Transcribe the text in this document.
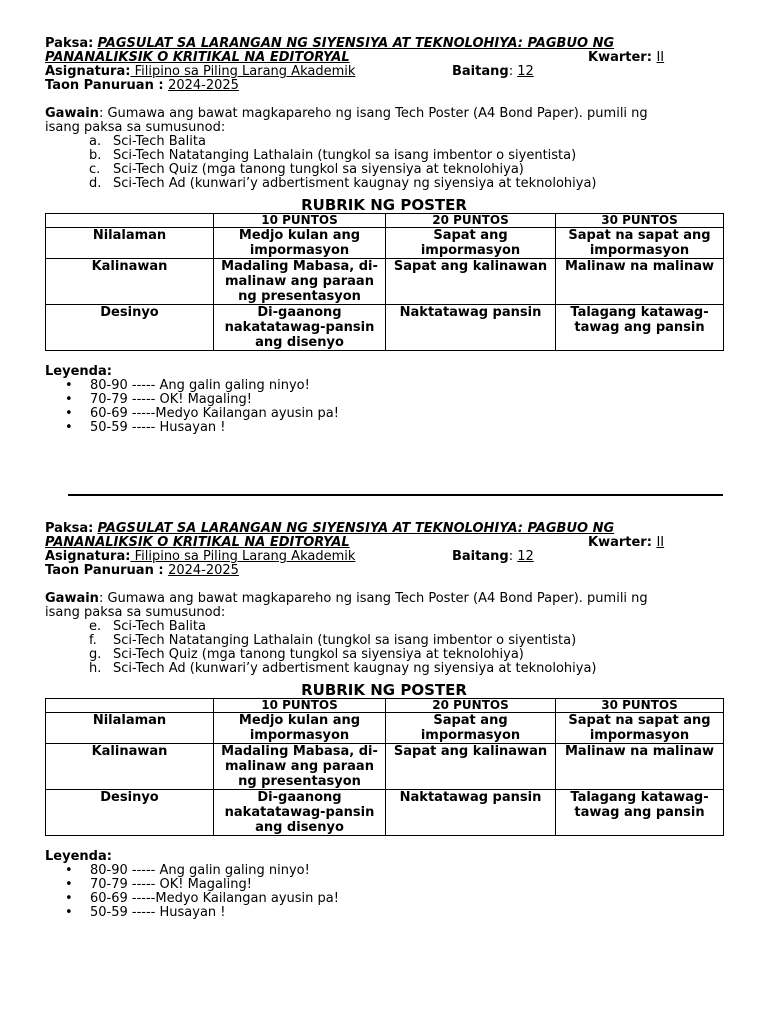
Paksa: PAGSULAT SA LARANGAN NG SIYENSIYA AT TEKNOLOHIYA: PAGBUO NG
PANANALIKSIK O KRITIKAL NA EDITORYAL	Kwarter: II
Asignatura: Filipino sa Piling Larang Akademik	Baitang: 12
Taon Panuruan : 2024-2025
Gawain: Gumawa ang bawat magkapareho ng isang Tech Poster (A4 Bond Paper). pumili ng
isang paksa sa sumusunod:
a. Sci-Tech Balita
b. Sci-Tech Natatanging Lathalain (tungkol sa isang imbentor o siyentista)
c. Sci-Tech Quiz (mga tanong tungkol sa siyensiya at teknolohiya)
d. Sci-Tech Ad (kunwari’y adbertisment kaugnay ng siyensiya at teknolohiya)
RUBRIK NG POSTER
	10 PUNTOS	20 PUNTOS	30 PUNTOS
Nilalaman	Medjo kulan ang impormasyon	Sapat ang impormasyon	Sapat na sapat ang impormasyon
Kalinawan	Madaling Mabasa, di-malinaw ang paraan ng presentasyon	Sapat ang kalinawan	Malinaw na malinaw
Desinyo	Di-gaanong nakatatawag-pansin ang disenyo	Naktatawag pansin	Talagang katawag-tawag ang pansin
Leyenda:
• 80-90 ----- Ang galin galing ninyo!
• 70-79 ----- OK! Magaling!
• 60-69 -----Medyo Kailangan ayusin pa!
• 50-59 ----- Husayan !
Paksa: PAGSULAT SA LARANGAN NG SIYENSIYA AT TEKNOLOHIYA: PAGBUO NG
PANANALIKSIK O KRITIKAL NA EDITORYAL	Kwarter: II
Asignatura: Filipino sa Piling Larang Akademik	Baitang: 12
Taon Panuruan : 2024-2025
Gawain: Gumawa ang bawat magkapareho ng isang Tech Poster (A4 Bond Paper). pumili ng
isang paksa sa sumusunod:
e. Sci-Tech Balita
f.	Sci-Tech Natatanging Lathalain (tungkol sa isang imbentor o siyentista)
g. Sci-Tech Quiz (mga tanong tungkol sa siyensiya at teknolohiya)
h. Sci-Tech Ad (kunwari’y adbertisment kaugnay ng siyensiya at teknolohiya)
RUBRIK NG POSTER
	10 PUNTOS	20 PUNTOS	30 PUNTOS
Nilalaman	Medjo kulan ang impormasyon	Sapat ang impormasyon	Sapat na sapat ang impormasyon
Kalinawan	Madaling Mabasa, di-malinaw ang paraan ng presentasyon	Sapat ang kalinawan	Malinaw na malinaw
Desinyo	Di-gaanong nakatatawag-pansin ang disenyo	Naktatawag pansin	Talagang katawag-tawag ang pansin
Leyenda:
• 80-90 ----- Ang galin galing ninyo!
• 70-79 ----- OK! Magaling!
• 60-69 -----Medyo Kailangan ayusin pa!
• 50-59 ----- Husayan !
